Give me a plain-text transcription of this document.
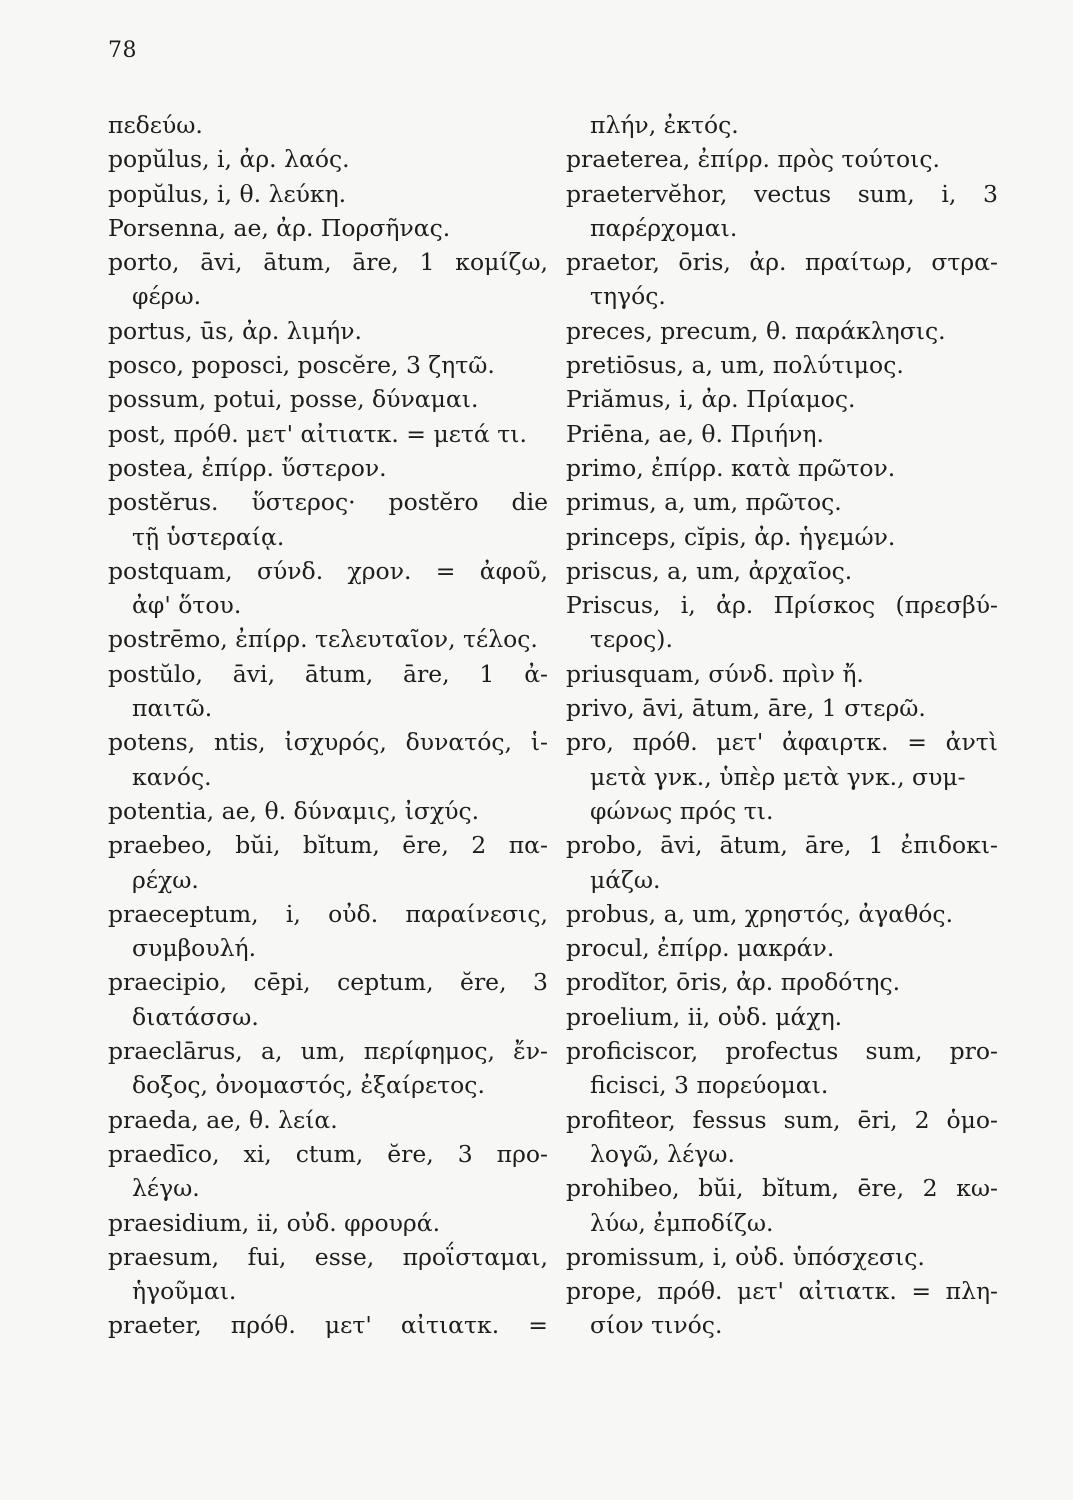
78
πεδεύω.
popŭlus, i, ἀρ. λαός.
popŭlus, i, θ. λεύκη.
Porsenna, ae, ἀρ. Πορσῆνας.
porto, āvi, ātum, āre, 1 κομίζω,
φέρω.
portus, ūs, ἀρ. λιμήν.
posco, poposci, poscĕre, 3 ζητῶ.
possum, potui, posse, δύναμαι.
post, πρόθ. μετ' αἰτιατκ. = μετά τι.
postea, ἐπίρρ. ὕστερον.
postĕrus. ὕστερος· postĕro die
τῇ ὑστεραίᾳ.
postquam, σύνδ. χρον. = ἀφοῦ,
ἀφ' ὅτου.
postrēmo, ἐπίρρ. τελευταῖον, τέλος.
postŭlo, āvi, ātum, āre, 1 ἀ-
παιτῶ.
potens, ntis, ἰσχυρός, δυνατός, ἱ-
κανός.
potentia, ae, θ. δύναμις, ἰσχύς.
praebeo, bŭi, bĭtum, ēre, 2 πα-
ρέχω.
praeceptum, i, οὐδ. παραίνεσις,
συμβουλή.
praecipio, cēpi, ceptum, ĕre, 3
διατάσσω.
praeclārus, a, um, περίφημος, ἔν-
δοξος, ὀνομαστός, ἐξαίρετος.
praeda, ae, θ. λεία.
praedīco, xi, ctum, ĕre, 3 προ-
λέγω.
praesidium, ii, οὐδ. φρουρά.
praesum, fui, esse, προΐσταμαι,
ἡγοῦμαι.
praeter, πρόθ. μετ' αἰτιατκ. =
πλήν, ἐκτός.
praeterea, ἐπίρρ. πρὸς τούτοις.
praetervĕhor, vectus sum, i, 3
παρέρχομαι.
praetor, ōris, ἀρ. πραίτωρ, στρα-
τηγός.
preces, precum, θ. παράκλησις.
pretiōsus, a, um, πολύτιμος.
Priămus, i, ἀρ. Πρίαμος.
Priēna, ae, θ. Πριήνη.
primo, ἐπίρρ. κατὰ πρῶτον.
primus, a, um, πρῶτος.
princeps, cĭpis, ἀρ. ἡγεμών.
priscus, a, um, ἀρχαῖος.
Priscus, i, ἀρ. Πρίσκος (πρεσβύ-
τερος).
priusquam, σύνδ. πρὶν ἤ.
privo, āvi, ātum, āre, 1 στερῶ.
pro, πρόθ. μετ' ἀφαιρτκ. = ἀντὶ
μετὰ γνκ., ὑπὲρ μετὰ γνκ., συμ-
φώνως πρός τι.
probo, āvi, ātum, āre, 1 ἐπιδοκι-
μάζω.
probus, a, um, χρηστός, ἀγαθός.
procul, ἐπίρρ. μακράν.
prodĭtor, ōris, ἀρ. προδότης.
proelium, ii, οὐδ. μάχη.
proficiscor, profectus sum, pro-
ficisci, 3 πορεύομαι.
profiteor, fessus sum, ēri, 2 ὁμο-
λογῶ, λέγω.
prohibeo, bŭi, bĭtum, ēre, 2 κω-
λύω, ἐμποδίζω.
promissum, i, οὐδ. ὑπόσχεσις.
prope, πρόθ. μετ' αἰτιατκ. = πλη-
σίον τινός.
